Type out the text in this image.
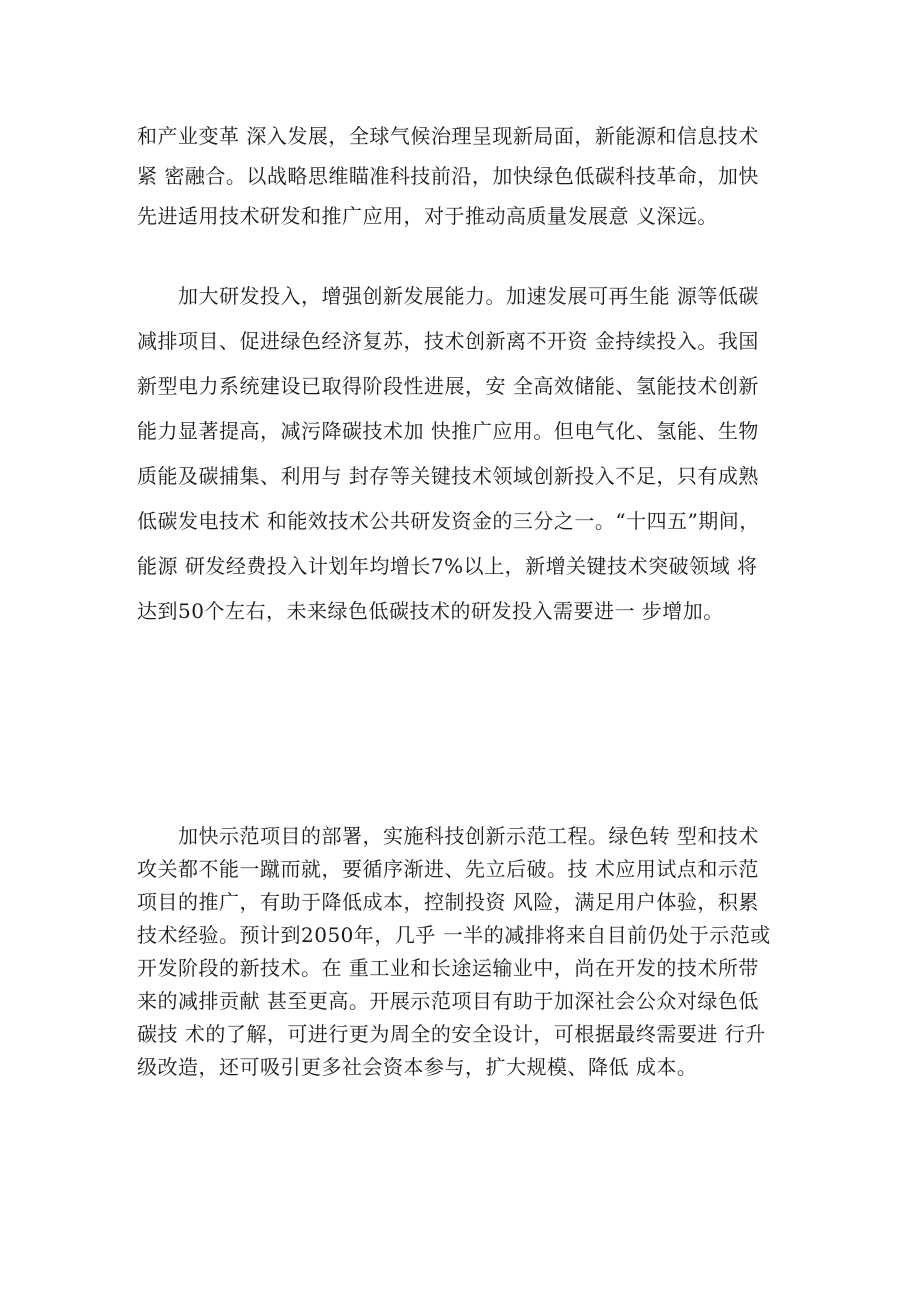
和产业变革 深入发展，全球气候治理呈现新局面，新能源和信息技术
紧 密融合。以战略思维瞄准科技前沿，加快绿色低碳科技革命，加快
先进适用技术研发和推广应用，对于推动高质量发展意 义深远。

　　加大研发投入，增强创新发展能力。加速发展可再生能 源等低碳
减排项目、促进绿色经济复苏，技术创新离不开资 金持续投入。我国
新型电力系统建设已取得阶段性进展，安 全高效储能、氢能技术创新
能力显著提高，减污降碳技术加 快推广应用。但电气化、氢能、生物
质能及碳捕集、利用与 封存等关键技术领域创新投入不足，只有成熟
低碳发电技术 和能效技术公共研发资金的三分之一。“十四五”期间，
能源 研发经费投入计划年均增长7%以上，新增关键技术突破领域 将
达到50个左右，未来绿色低碳技术的研发投入需要进一 步增加。

　　加快示范项目的部署，实施科技创新示范工程。绿色转 型和技术
攻关都不能一蹴而就，要循序渐进、先立后破。技 术应用试点和示范
项目的推广，有助于降低成本，控制投资 风险，满足用户体验，积累
技术经验。预计到2050年，几乎 一半的减排将来自目前仍处于示范或
开发阶段的新技术。在 重工业和长途运输业中，尚在开发的技术所带
来的减排贡献 甚至更高。开展示范项目有助于加深社会公众对绿色低
碳技 术的了解，可进行更为周全的安全设计，可根据最终需要进 行升
级改造，还可吸引更多社会资本参与，扩大规模、降低 成本。
